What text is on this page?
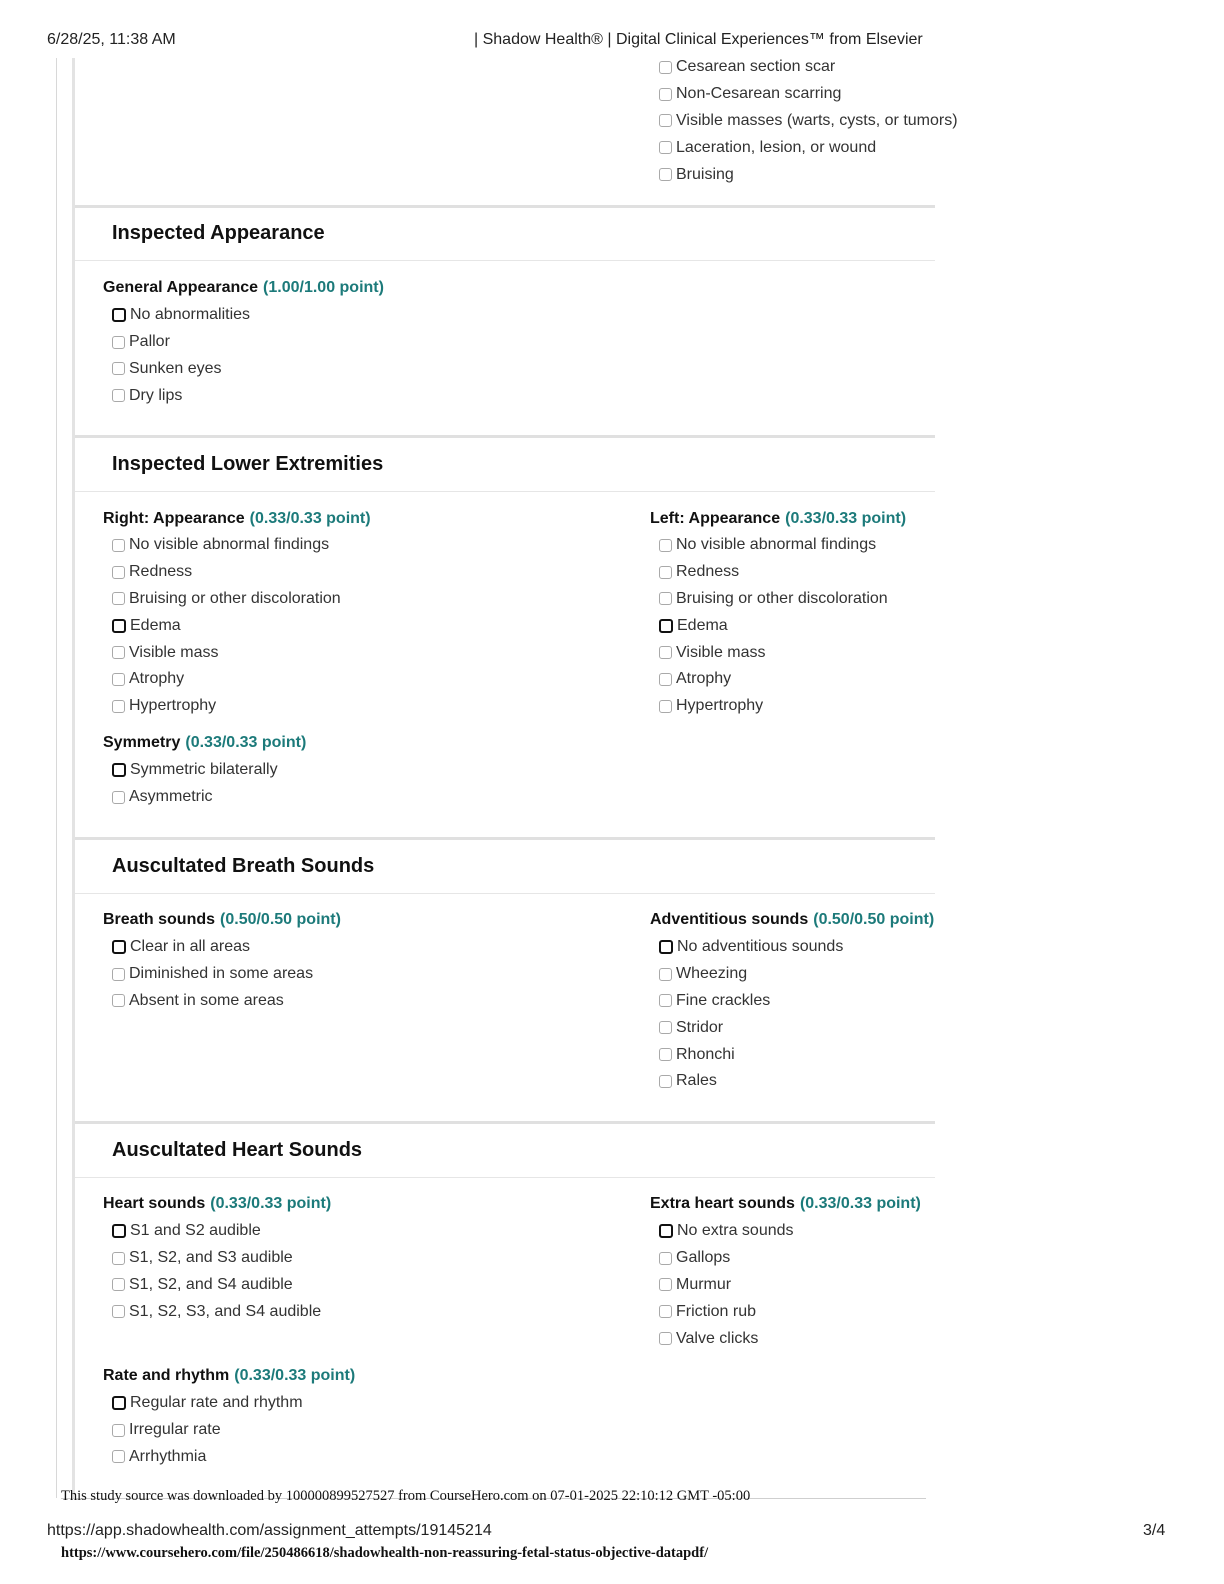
6/28/25, 11:38 AM	| Shadow Health® | Digital Clinical Experiences™ from Elsevier
Cesarean section scar
Non-Cesarean scarring
Visible masses (warts, cysts, or tumors)
Laceration, lesion, or wound
Bruising
Inspected Appearance
General Appearance (1.00/1.00 point)
No abnormalities
Pallor
Sunken eyes
Dry lips
Inspected Lower Extremities
Right: Appearance (0.33/0.33 point)
No visible abnormal findings
Redness
Bruising or other discoloration
Edema
Visible mass
Atrophy
Hypertrophy
Left: Appearance (0.33/0.33 point)
No visible abnormal findings
Redness
Bruising or other discoloration
Edema
Visible mass
Atrophy
Hypertrophy
Symmetry (0.33/0.33 point)
Symmetric bilaterally
Asymmetric
Auscultated Breath Sounds
Breath sounds (0.50/0.50 point)
Clear in all areas
Diminished in some areas
Absent in some areas
Adventitious sounds (0.50/0.50 point)
No adventitious sounds
Wheezing
Fine crackles
Stridor
Rhonchi
Rales
Auscultated Heart Sounds
Heart sounds (0.33/0.33 point)
S1 and S2 audible
S1, S2, and S3 audible
S1, S2, and S4 audible
S1, S2, S3, and S4 audible
Extra heart sounds (0.33/0.33 point)
No extra sounds
Gallops
Murmur
Friction rub
Valve clicks
Rate and rhythm (0.33/0.33 point)
Regular rate and rhythm
Irregular rate
Arrhythmia
This study source was downloaded by 100000899527527 from CourseHero.com on 07-01-2025 22:10:12 GMT -05:00
https://app.shadowhealth.com/assignment_attempts/19145214	3/4
https://www.coursehero.com/file/250486618/shadowhealth-non-reassuring-fetal-status-objective-datapdf/
